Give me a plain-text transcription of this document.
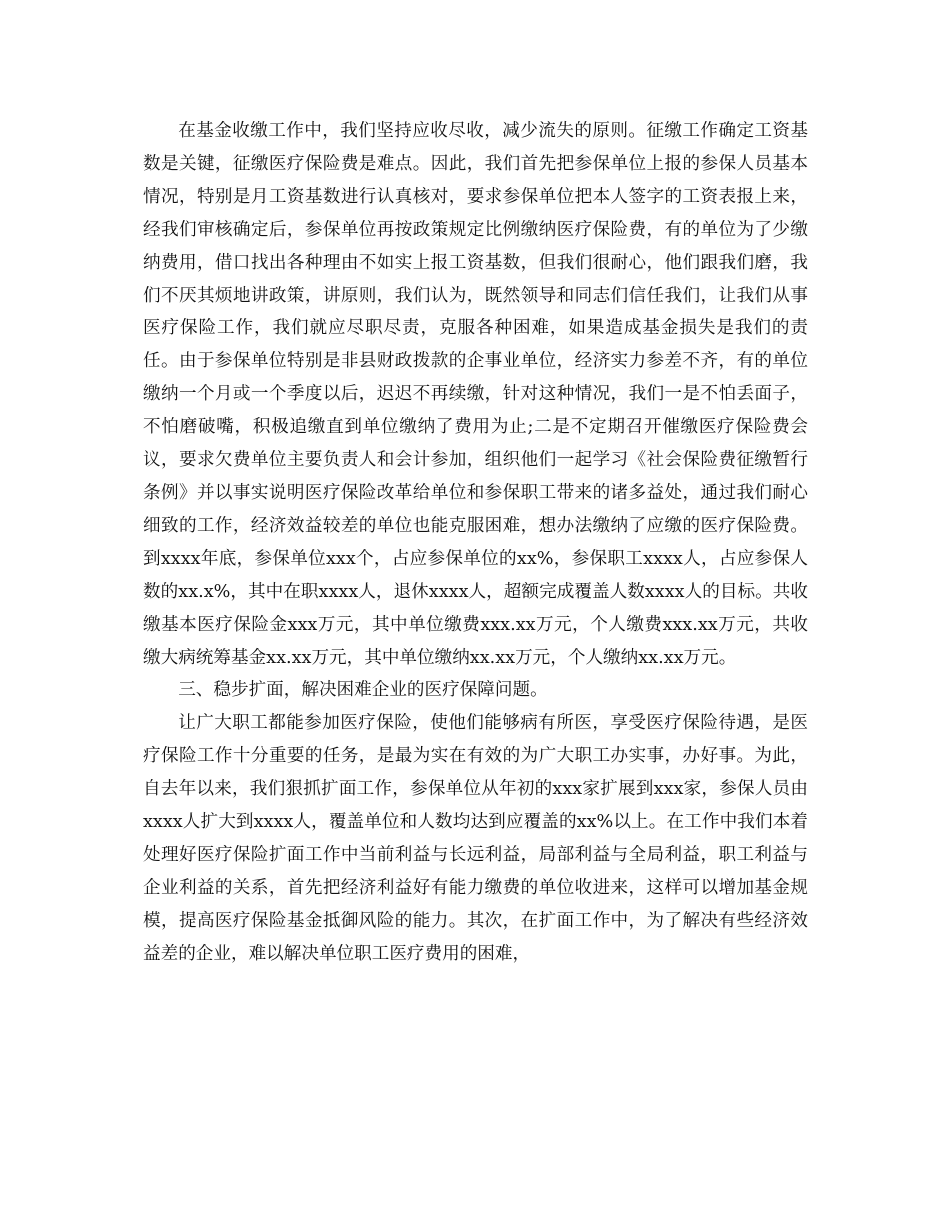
在基金收缴工作中，我们坚持应收尽收，减少流失的原则。征缴工作确定工资基数是关键，征缴医疗保险费是难点。因此，我们首先把参保单位上报的参保人员基本情况，特别是月工资基数进行认真核对，要求参保单位把本人签字的工资表报上来，经我们审核确定后，参保单位再按政策规定比例缴纳医疗保险费，有的单位为了少缴纳费用，借口找出各种理由不如实上报工资基数，但我们很耐心，他们跟我们磨，我们不厌其烦地讲政策，讲原则，我们认为，既然领导和同志们信任我们，让我们从事医疗保险工作，我们就应尽职尽责，克服各种困难，如果造成基金损失是我们的责任。由于参保单位特别是非县财政拨款的企事业单位，经济实力参差不齐，有的单位缴纳一个月或一个季度以后，迟迟不再续缴，针对这种情况，我们一是不怕丢面子，不怕磨破嘴，积极追缴直到单位缴纳了费用为止;二是不定期召开催缴医疗保险费会议，要求欠费单位主要负责人和会计参加，组织他们一起学习《社会保险费征缴暂行条例》并以事实说明医疗保险改革给单位和参保职工带来的诸多益处，通过我们耐心细致的工作，经济效益较差的单位也能克服困难，想办法缴纳了应缴的医疗保险费。到xxxx年底，参保单位xxx个，占应参保单位的xx%，参保职工xxxx人，占应参保人数的xx.x%，其中在职xxxx人，退休xxxx人，超额完成覆盖人数xxxx人的目标。共收缴基本医疗保险金xxx万元，其中单位缴费xxx.xx万元，个人缴费xxx.xx万元，共收缴大病统筹基金xx.xx万元，其中单位缴纳xx.xx万元，个人缴纳xx.xx万元。

三、稳步扩面，解决困难企业的医疗保障问题。

让广大职工都能参加医疗保险，使他们能够病有所医，享受医疗保险待遇，是医疗保险工作十分重要的任务，是最为实在有效的为广大职工办实事，办好事。为此，自去年以来，我们狠抓扩面工作，参保单位从年初的xxx家扩展到xxx家，参保人员由xxxx人扩大到xxxx人，覆盖单位和人数均达到应覆盖的xx%以上。在工作中我们本着处理好医疗保险扩面工作中当前利益与长远利益，局部利益与全局利益，职工利益与企业利益的关系，首先把经济利益好有能力缴费的单位收进来，这样可以增加基金规模，提高医疗保险基金抵御风险的能力。其次，在扩面工作中，为了解决有些经济效益差的企业，难以解决单位职工医疗费用的困难，
